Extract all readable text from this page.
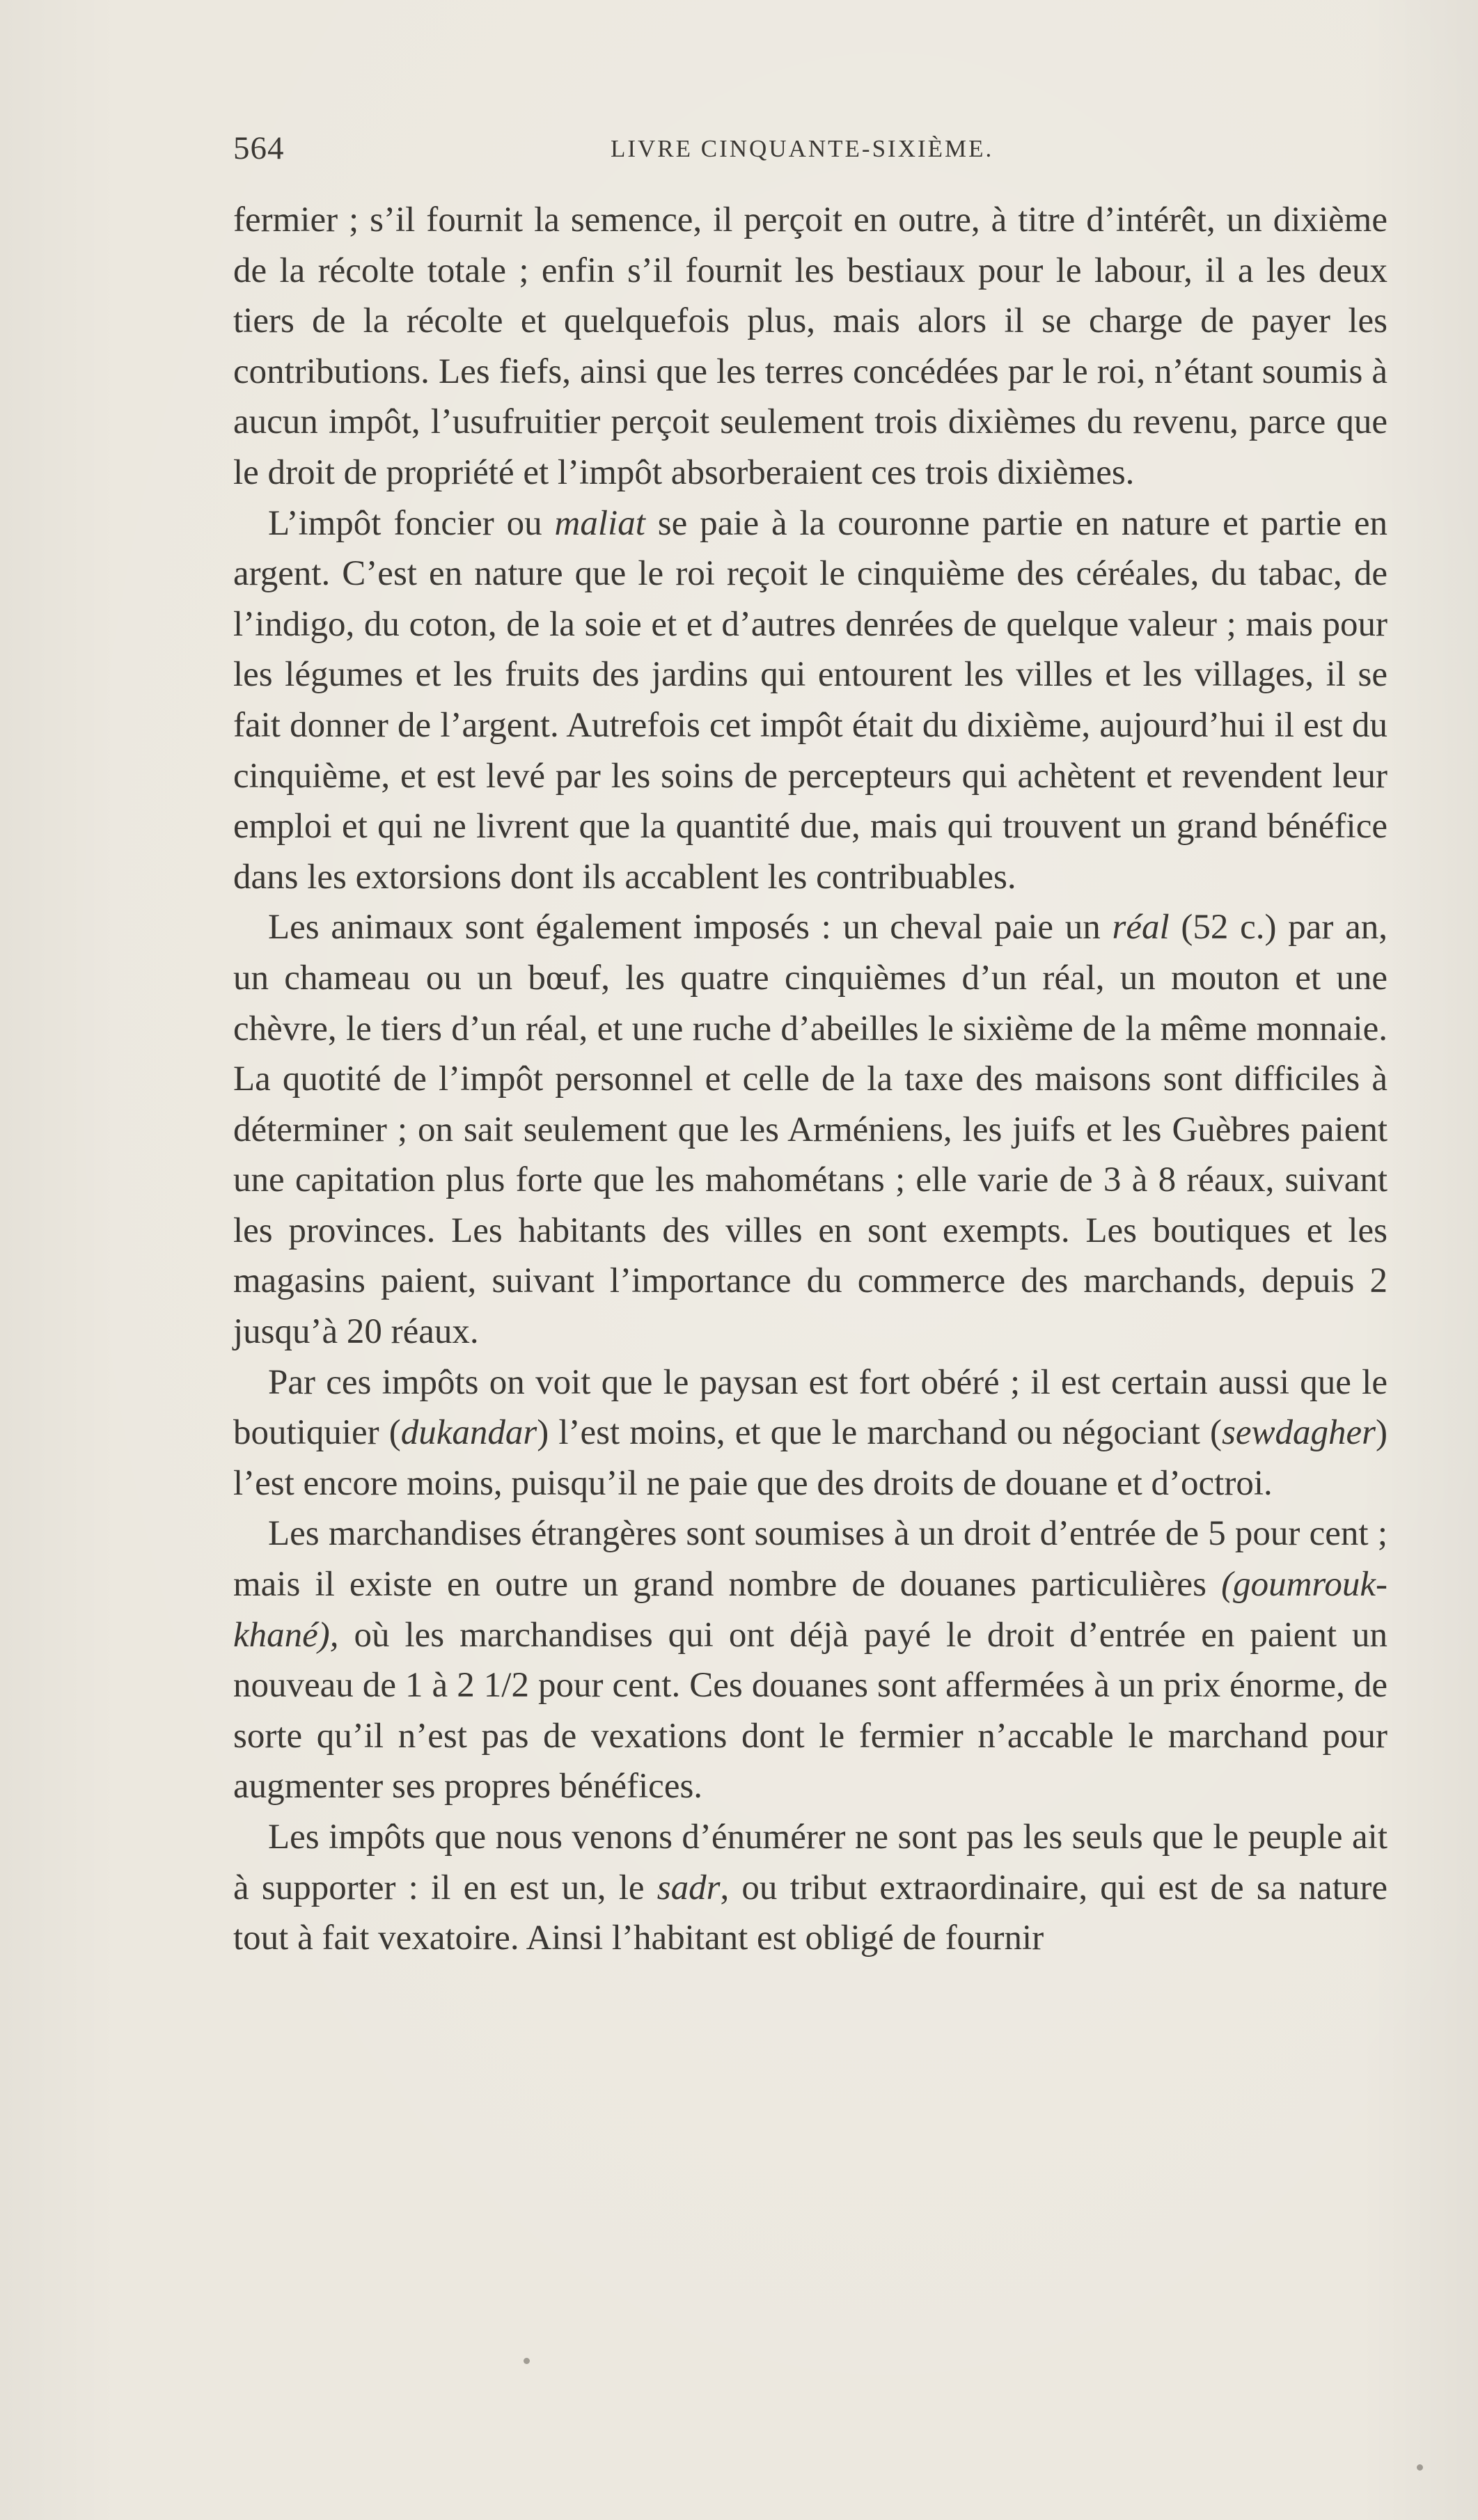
564	LIVRE CINQUANTE-SIXIÈME.

fermier ; s’il fournit la semence, il perçoit en outre, à titre d’intérêt, un dixième de la récolte totale ; enfin s’il fournit les bestiaux pour le labour, il a les deux tiers de la récolte et quelquefois plus, mais alors il se charge de payer les contributions. Les fiefs, ainsi que les terres concédées par le roi, n’étant soumis à aucun impôt, l’usufruitier perçoit seulement trois dixièmes du revenu, parce que le droit de propriété et l’impôt absorberaient ces trois dixièmes.

L’impôt foncier ou maliat se paie à la couronne partie en nature et partie en argent. C’est en nature que le roi reçoit le cinquième des céréales, du tabac, de l’indigo, du coton, de la soie et et d’autres denrées de quelque valeur ; mais pour les légumes et les fruits des jardins qui entourent les villes et les villages, il se fait donner de l’argent. Autrefois cet impôt était du dixième, aujourd’hui il est du cinquième, et est levé par les soins de percepteurs qui achètent et revendent leur emploi et qui ne livrent que la quantité due, mais qui trouvent un grand bénéfice dans les extorsions dont ils accablent les contribuables.

Les animaux sont également imposés : un cheval paie un réal (52 c.) par an, un chameau ou un bœuf, les quatre cinquièmes d’un réal, un mouton et une chèvre, le tiers d’un réal, et une ruche d’abeilles le sixième de la même monnaie. La quotité de l’impôt personnel et celle de la taxe des maisons sont difficiles à déterminer ; on sait seulement que les Arméniens, les juifs et les Guèbres paient une capitation plus forte que les mahométans ; elle varie de 3 à 8 réaux, suivant les provinces. Les habitants des villes en sont exempts. Les boutiques et les magasins paient, suivant l’importance du commerce des marchands, depuis 2 jusqu’à 20 réaux.

Par ces impôts on voit que le paysan est fort obéré ; il est certain aussi que le boutiquier (dukandar) l’est moins, et que le marchand ou négociant (sewdagher) l’est encore moins, puisqu’il ne paie que des droits de douane et d’octroi.

Les marchandises étrangères sont soumises à un droit d’entrée de 5 pour cent ; mais il existe en outre un grand nombre de douanes particulières (goumrouk-khané), où les marchandises qui ont déjà payé le droit d’entrée en paient un nouveau de 1 à 2 1/2 pour cent. Ces douanes sont affermées à un prix énorme, de sorte qu’il n’est pas de vexations dont le fermier n’accable le marchand pour augmenter ses propres bénéfices.

Les impôts que nous venons d’énumérer ne sont pas les seuls que le peuple ait à supporter : il en est un, le sadr, ou tribut extraordinaire, qui est de sa nature tout à fait vexatoire. Ainsi l’habitant est obligé de fournir
